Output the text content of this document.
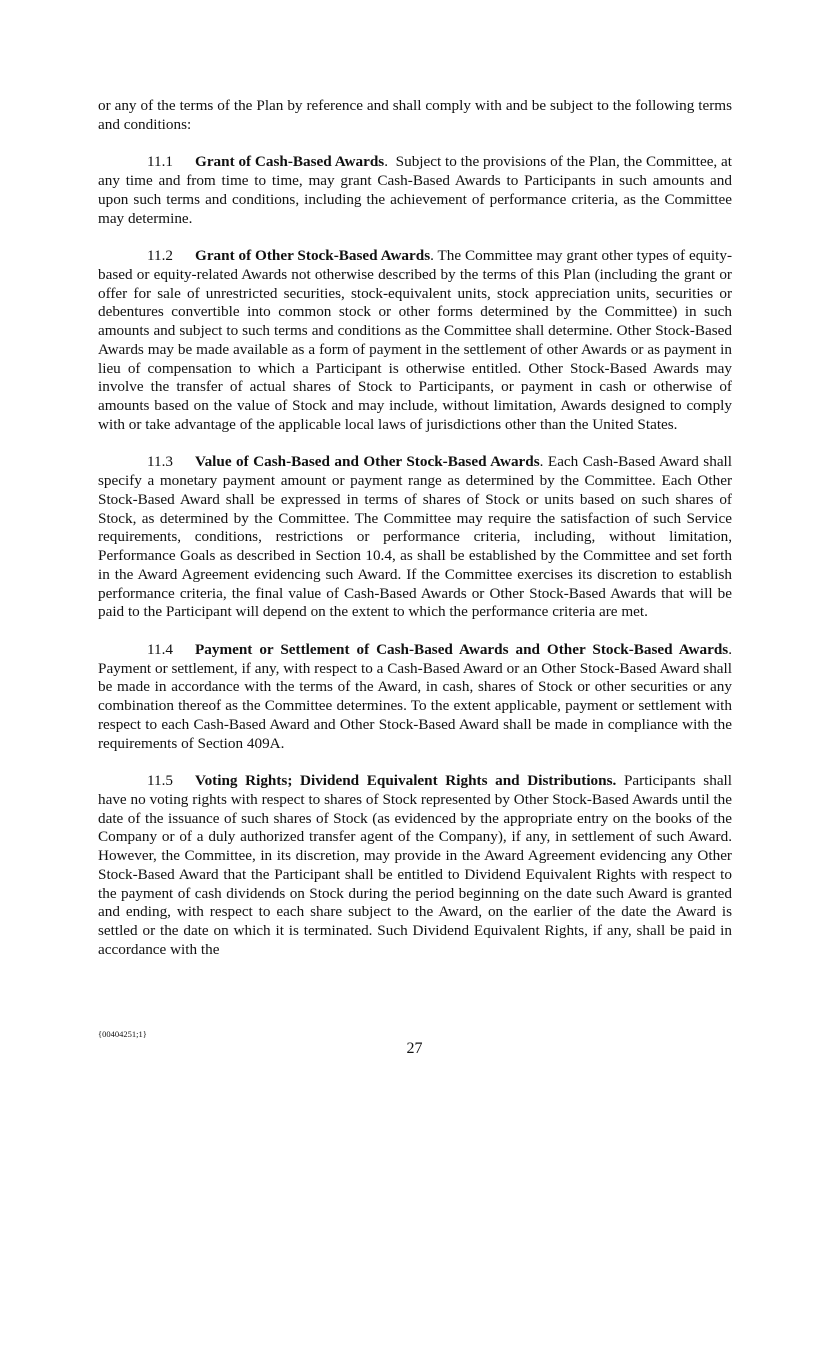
or any of the terms of the Plan by reference and shall comply with and be subject to the following terms and conditions:

11.1 Grant of Cash-Based Awards.  Subject to the provisions of the Plan, the Committee, at any time and from time to time, may grant Cash-Based Awards to Participants in such amounts and upon such terms and conditions, including the achievement of performance criteria, as the Committee may determine.

11.2 Grant of Other Stock-Based Awards. The Committee may grant other types of equity-based or equity-related Awards not otherwise described by the terms of this Plan (including the grant or offer for sale of unrestricted securities, stock-equivalent units, stock appreciation units, securities or debentures convertible into common stock or other forms determined by the Committee) in such amounts and subject to such terms and conditions as the Committee shall determine. Other Stock-Based Awards may be made available as a form of payment in the settlement of other Awards or as payment in lieu of compensation to which a Participant is otherwise entitled. Other Stock-Based Awards may involve the transfer of actual shares of Stock to Participants, or payment in cash or otherwise of amounts based on the value of Stock and may include, without limitation, Awards designed to comply with or take advantage of the applicable local laws of jurisdictions other than the United States.

11.3 Value of Cash-Based and Other Stock-Based Awards. Each Cash-Based Award shall specify a monetary payment amount or payment range as determined by the Committee. Each Other Stock-Based Award shall be expressed in terms of shares of Stock or units based on such shares of Stock, as determined by the Committee. The Committee may require the satisfaction of such Service requirements, conditions, restrictions or performance criteria, including, without limitation, Performance Goals as described in Section 10.4, as shall be established by the Committee and set forth in the Award Agreement evidencing such Award. If the Committee exercises its discretion to establish performance criteria, the final value of Cash-Based Awards or Other Stock-Based Awards that will be paid to the Participant will depend on the extent to which the performance criteria are met.

11.4 Payment or Settlement of Cash-Based Awards and Other Stock-Based Awards. Payment or settlement, if any, with respect to a Cash-Based Award or an Other Stock-Based Award shall be made in accordance with the terms of the Award, in cash, shares of Stock or other securities or any combination thereof as the Committee determines. To the extent applicable, payment or settlement with respect to each Cash-Based Award and Other Stock-Based Award shall be made in compliance with the requirements of Section 409A.

11.5 Voting Rights; Dividend Equivalent Rights and Distributions. Participants shall have no voting rights with respect to shares of Stock represented by Other Stock-Based Awards until the date of the issuance of such shares of Stock (as evidenced by the appropriate entry on the books of the Company or of a duly authorized transfer agent of the Company), if any, in settlement of such Award. However, the Committee, in its discretion, may provide in the Award Agreement evidencing any Other Stock-Based Award that the Participant shall be entitled to Dividend Equivalent Rights with respect to the payment of cash dividends on Stock during the period beginning on the date such Award is granted and ending, with respect to each share subject to the Award, on the earlier of the date the Award is settled or the date on which it is terminated. Such Dividend Equivalent Rights, if any, shall be paid in accordance with the

{00404251;1}
27
